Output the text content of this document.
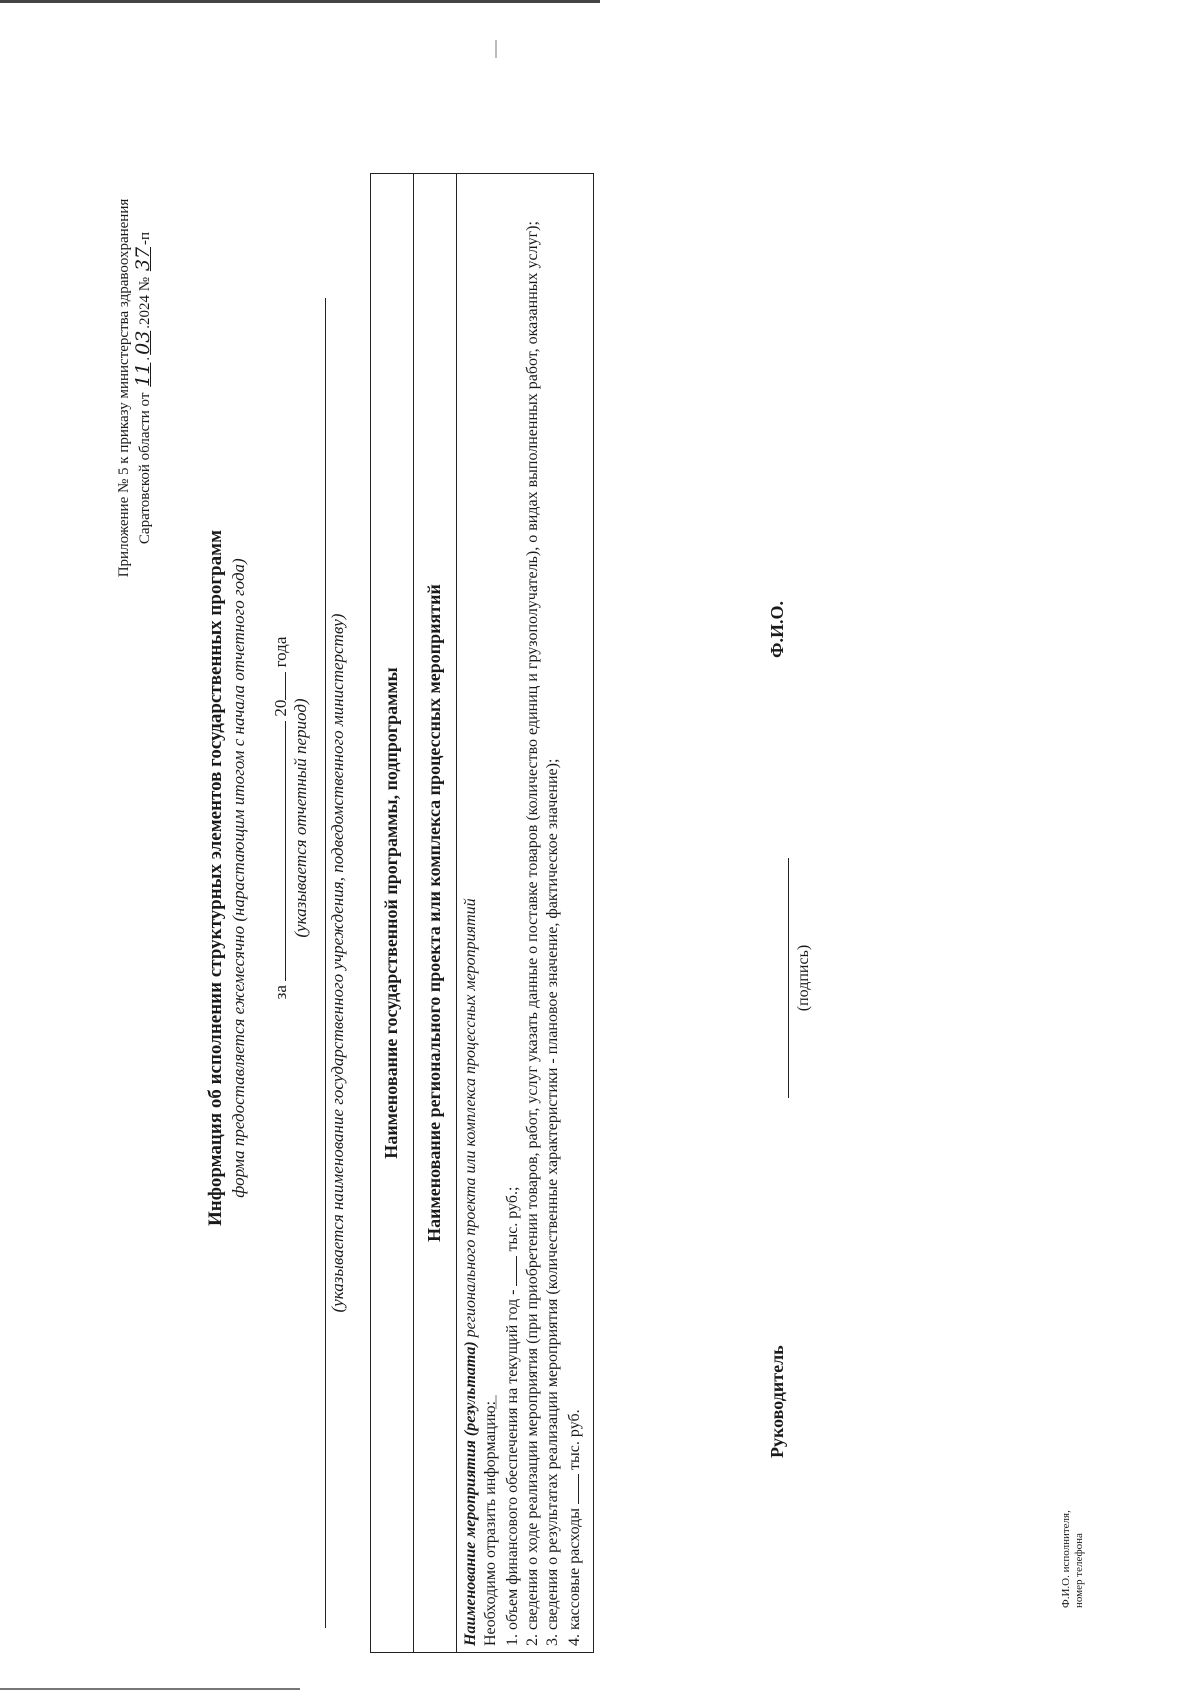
Приложение № 5 к приказу министерства здравоохранения Саратовской области от 11.03.2024 № 37-п
Информация об исполнении структурных элементов государственных программ форма предоставляется ежемесячно (нарастающим итогом с начала отчетного года) за  20 года
(указывается отчетный период) (указывается наименование государственного учреждения, подведомственного министерству) Наименование государственной программы, подпрограммы
Наименование регионального проекта или комплекса процессных мероприятий

Наименование мероприятия (результата) регионального проекта или комплекса процессных мероприятий
Необходимо отразить информацию: 1. объем финансового обеспечения на текущий год -  тыс. руб.; 2. сведения о ходе реализации мероприятия (при приобретении товаров, работ, услуг указать данные о поставке товаров (количество единиц и грузополучатель), о видах выполненных работ, оказанных услуг); 3. сведения о результатах реализации мероприятия (количественные характеристики - плановое значение, фактическое значение); 4. кассовые расходы  тыс. руб.	Руководитель
(подпись)
Ф.И.О.
Ф.И.О. исполнителя, номер телефона
